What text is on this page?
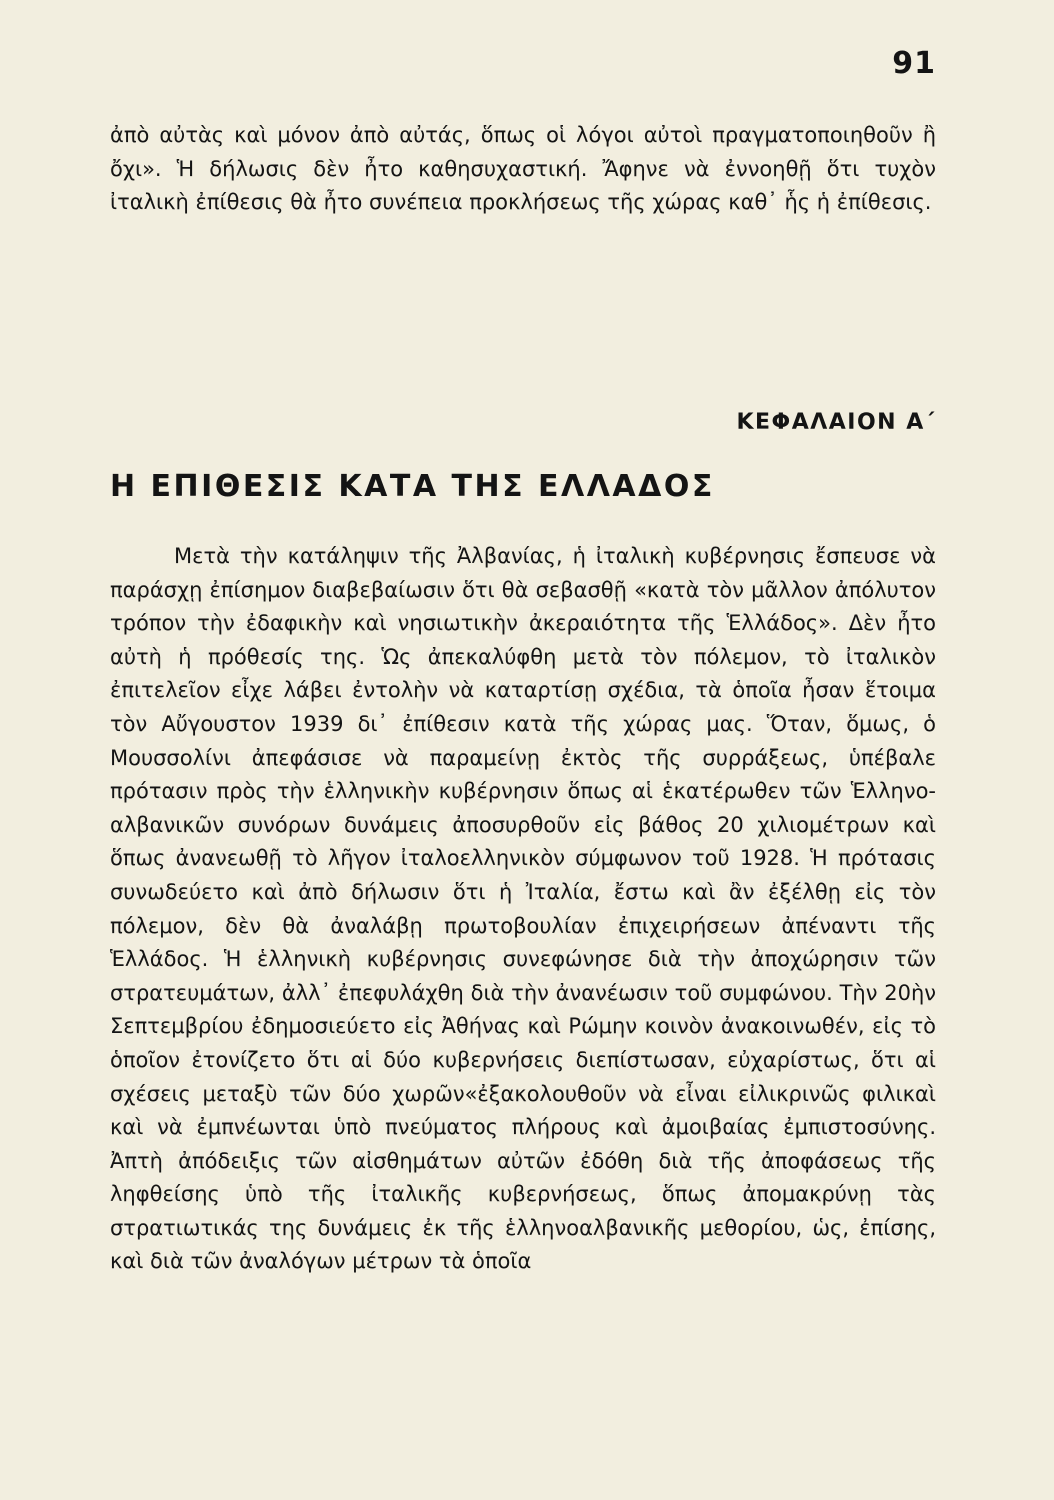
91

ἀπὸ αὐτὰς καὶ μόνον ἀπὸ αὐτάς, ὅπως οἱ λόγοι αὐτοὶ πραγματοποιηθοῦν ἢ ὄχι». Ἡ δήλωσις δὲν ἦτο καθησυχαστική. Ἄφηνε νὰ ἐννοηθῇ ὅτι τυχὸν ἰταλικὴ ἐπίθεσις θὰ ἦτο συνέπεια προκλήσεως τῆς χώρας καθ᾿ ἧς ἡ ἐπίθεσις.

ΚΕΦΑΛΑΙΟΝ Α΄
Η ΕΠΙΘΕΣΙΣ ΚΑΤΑ ΤΗΣ ΕΛΛΑΔΟΣ

Μετὰ τὴν κατάληψιν τῆς Ἀλβανίας, ἡ ἰταλικὴ κυβέρνησις ἔσπευσε νὰ παράσχῃ ἐπίσημον διαβεβαίωσιν ὅτι θὰ σεβασθῇ «κατὰ τὸν μᾶλλον ἀπόλυτον τρόπον τὴν ἐδαφικὴν καὶ νησιωτικὴν ἀκεραιότητα τῆς Ἑλλάδος». Δὲν ἦτο αὐτὴ ἡ πρόθεσίς της. Ὡς ἀπεκαλύφθη μετὰ τὸν πόλεμον, τὸ ἰταλικὸν ἐπιτελεῖον εἶχε λάβει ἐντολὴν νὰ καταρτίσῃ σχέδια, τὰ ὁποῖα ἦσαν ἕτοιμα τὸν Αὔγουστον 1939 δι᾿ ἐπίθεσιν κατὰ τῆς χώρας μας. Ὅταν, ὅμως, ὁ Μουσσολίνι ἀπεφάσισε νὰ παραμείνῃ ἐκτὸς τῆς συρράξεως, ὑπέβαλε πρότασιν πρὸς τὴν ἑλληνικὴν κυβέρνησιν ὅπως αἱ ἑκατέρωθεν τῶν Ἑλληνο-αλβανικῶν συνόρων δυνάμεις ἀποσυρθοῦν εἰς βάθος 20 χιλιομέτρων καὶ ὅπως ἀνανεωθῇ τὸ λῆγον ἰταλοελληνικὸν σύμφωνον τοῦ 1928. Ἡ πρότασις συνωδεύετο καὶ ἀπὸ δήλωσιν ὅτι ἡ Ἰταλία, ἔστω καὶ ἂν ἐξέλθῃ εἰς τὸν πόλεμον, δὲν θὰ ἀναλάβῃ πρωτοβουλίαν ἐπιχειρήσεων ἀπέναντι τῆς Ἑλλάδος. Ἡ ἑλληνικὴ κυβέρνησις συνεφώνησε διὰ τὴν ἀποχώρησιν τῶν στρατευμάτων, ἀλλ᾿ ἐπεφυλάχθη διὰ τὴν ἀνανέωσιν τοῦ συμφώνου. Τὴν 20ὴν Σεπτεμβρίου ἐδημοσιεύετο εἰς Ἀθήνας καὶ Ρώμην κοινὸν ἀνακοινωθέν, εἰς τὸ ὁποῖον ἐτονίζετο ὅτι αἱ δύο κυβερνήσεις διεπίστωσαν, εὐχαρίστως, ὅτι αἱ σχέσεις μεταξὺ τῶν δύο χωρῶν«ἐξακολουθοῦν νὰ εἶναι εἰλικρινῶς φιλικαὶ καὶ νὰ ἐμπνέωνται ὑπὸ πνεύματος πλήρους καὶ ἀμοιβαίας ἐμπιστοσύνης. Ἀπτὴ ἀπόδειξις τῶν αἰσθημάτων αὐτῶν ἐδόθη διὰ τῆς ἀποφάσεως τῆς ληφθείσης ὑπὸ τῆς ἰταλικῆς κυβερνήσεως, ὅπως ἀπομακρύνῃ τὰς στρατιωτικάς της δυνάμεις ἐκ τῆς ἑλληνοαλβανικῆς μεθορίου, ὡς, ἐπίσης, καὶ διὰ τῶν ἀναλόγων μέτρων τὰ ὁποῖα
